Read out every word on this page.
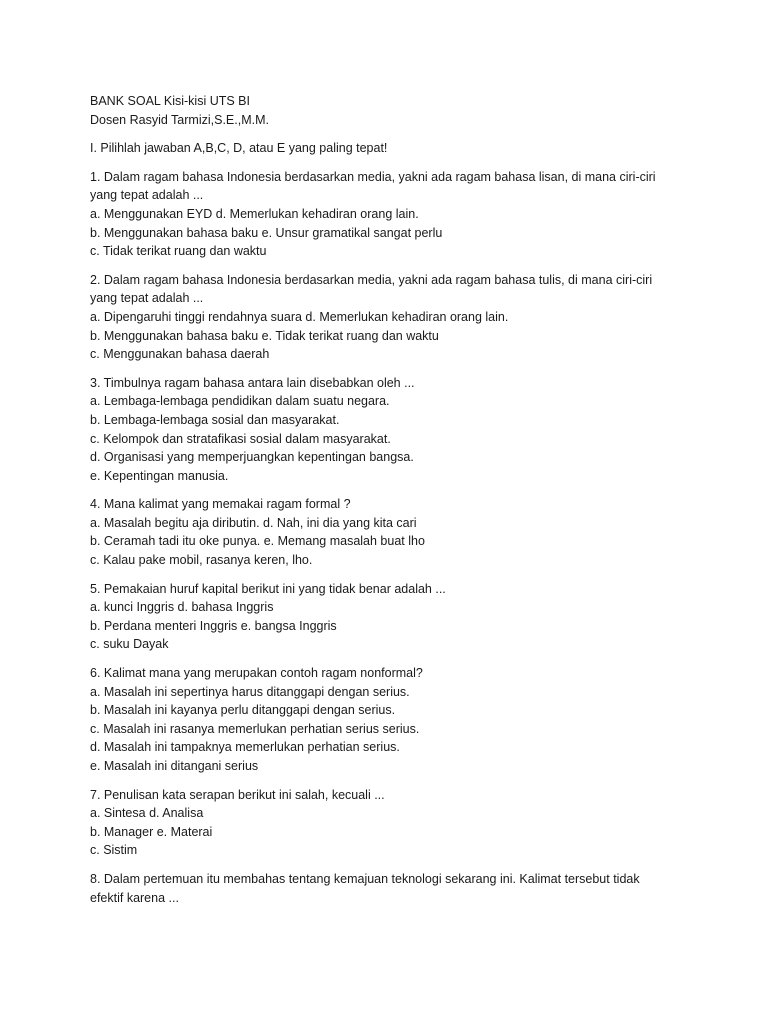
BANK SOAL Kisi-kisi UTS BI
Dosen Rasyid Tarmizi,S.E.,M.M.
I. Pilihlah jawaban A,B,C, D, atau E yang paling tepat!
1. Dalam ragam bahasa Indonesia berdasarkan media, yakni ada ragam bahasa lisan, di mana ciri-ciri
yang tepat adalah ...
a. Menggunakan EYD d. Memerlukan kehadiran orang lain.
b. Menggunakan bahasa baku e. Unsur gramatikal sangat perlu
c. Tidak terikat ruang dan waktu
2. Dalam ragam bahasa Indonesia berdasarkan media, yakni ada ragam bahasa tulis, di mana ciri-ciri
yang tepat adalah ...
a. Dipengaruhi tinggi rendahnya suara d. Memerlukan kehadiran orang lain.
b. Menggunakan bahasa baku e. Tidak terikat ruang dan waktu
c. Menggunakan bahasa daerah
3. Timbulnya ragam bahasa antara lain disebabkan oleh ...
a. Lembaga-lembaga pendidikan dalam suatu negara.
b. Lembaga-lembaga sosial dan masyarakat.
c. Kelompok dan stratafikasi sosial dalam masyarakat.
d. Organisasi yang memperjuangkan kepentingan bangsa.
e. Kepentingan manusia.
4. Mana kalimat yang memakai ragam formal ?
a. Masalah begitu aja diributin. d. Nah, ini dia yang kita cari
b. Ceramah tadi itu oke punya. e. Memang masalah buat lho
c. Kalau pake mobil, rasanya keren, lho.
5. Pemakaian huruf kapital berikut ini yang tidak benar adalah ...
a. kunci Inggris d. bahasa Inggris
b. Perdana menteri Inggris e. bangsa Inggris
c. suku Dayak
6. Kalimat mana yang merupakan contoh ragam nonformal?
a. Masalah ini sepertinya harus ditanggapi dengan serius.
b. Masalah ini kayanya perlu ditanggapi dengan serius.
c. Masalah ini rasanya memerlukan perhatian serius serius.
d. Masalah ini tampaknya memerlukan perhatian serius.
e. Masalah ini ditangani serius
7. Penulisan kata serapan berikut ini salah, kecuali ...
a. Sintesa d. Analisa
b. Manager e. Materai
c. Sistim
8. Dalam pertemuan itu membahas tentang kemajuan teknologi sekarang ini. Kalimat tersebut tidak
efektif karena ...
